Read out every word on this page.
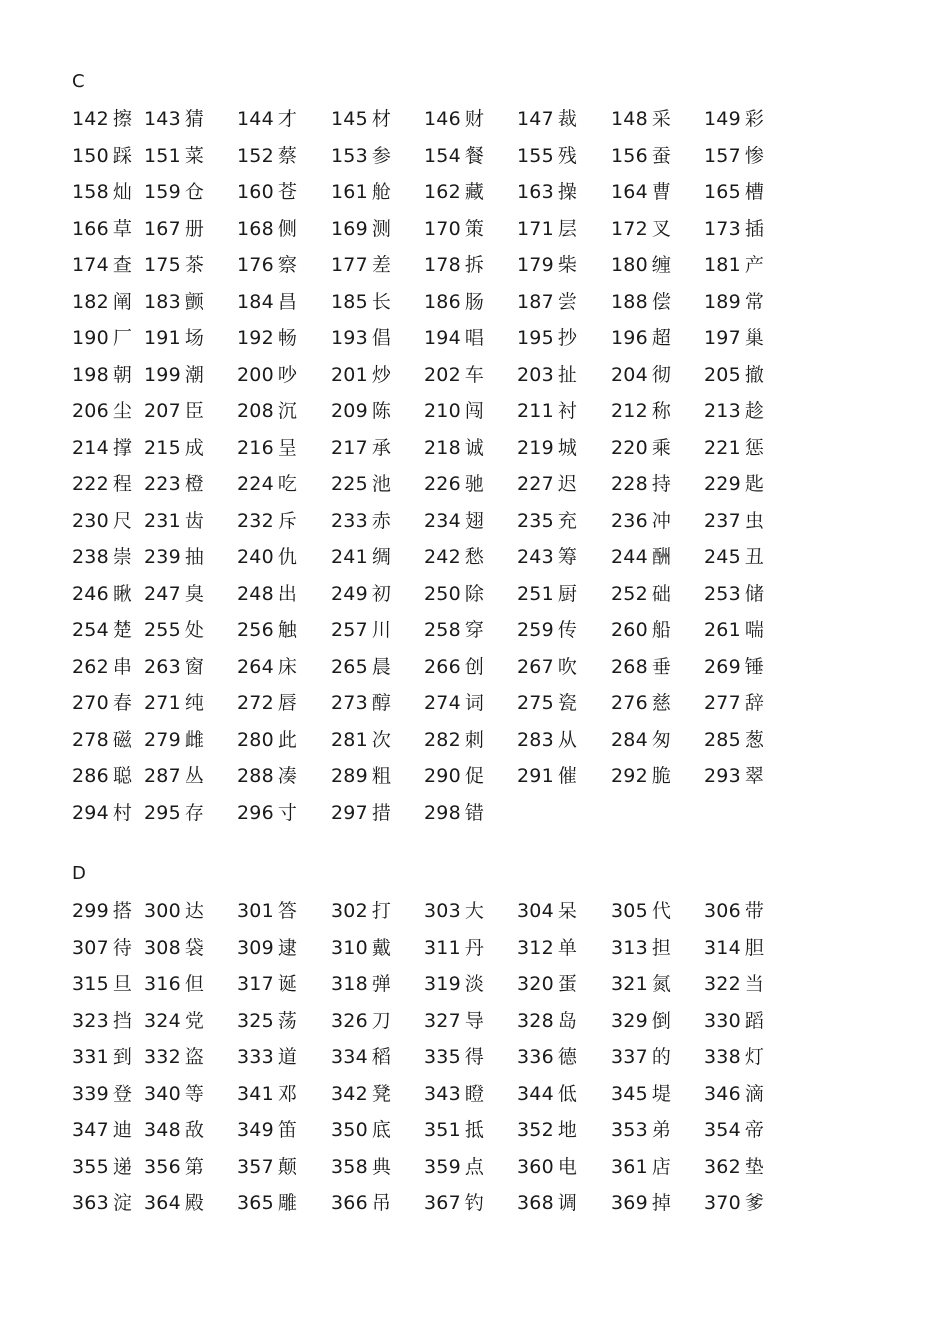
C
142 擦 143 猜 144 才 145 材 146 财 147 裁 148 采 149 彩
150 踩 151 菜 152 蔡 153 参 154 餐 155 残 156 蚕 157 惨
158 灿 159 仓 160 苍 161 舱 162 藏 163 操 164 曹 165 槽
166 草 167 册 168 侧 169 测 170 策 171 层 172 叉 173 插
174 查 175 茶 176 察 177 差 178 拆 179 柴 180 缠 181 产
182 阐 183 颤 184 昌 185 长 186 肠 187 尝 188 偿 189 常
190 厂 191 场 192 畅 193 倡 194 唱 195 抄 196 超 197 巢
198 朝 199 潮 200 吵 201 炒 202 车 203 扯 204 彻 205 撤
206 尘 207 臣 208 沉 209 陈 210 闯 211 衬 212 称 213 趁
214 撑 215 成 216 呈 217 承 218 诚 219 城 220 乘 221 惩
222 程 223 橙 224 吃 225 池 226 驰 227 迟 228 持 229 匙
230 尺 231 齿 232 斥 233 赤 234 翅 235 充 236 冲 237 虫
238 崇 239 抽 240 仇 241 绸 242 愁 243 筹 244 酬 245 丑
246 瞅 247 臭 248 出 249 初 250 除 251 厨 252 础 253 储
254 楚 255 处 256 触 257 川 258 穿 259 传 260 船 261 喘
262 串 263 窗 264 床 265 晨 266 创 267 吹 268 垂 269 锤
270 春 271 纯 272 唇 273 醇 274 词 275 瓷 276 慈 277 辞
278 磁 279 雌 280 此 281 次 282 刺 283 从 284 匆 285 葱
286 聪 287 丛 288 凑 289 粗 290 促 291 催 292 脆 293 翠
294 村 295 存 296 寸 297 措 298 错
D
299 搭 300 达 301 答 302 打 303 大 304 呆 305 代 306 带
307 待 308 袋 309 逮 310 戴 311 丹 312 单 313 担 314 胆
315 旦 316 但 317 诞 318 弹 319 淡 320 蛋 321 氮 322 当
323 挡 324 党 325 荡 326 刀 327 导 328 岛 329 倒 330 蹈
331 到 332 盗 333 道 334 稻 335 得 336 德 337 的 338 灯
339 登 340 等 341 邓 342 凳 343 瞪 344 低 345 堤 346 滴
347 迪 348 敌 349 笛 350 底 351 抵 352 地 353 弟 354 帝
355 递 356 第 357 颠 358 典 359 点 360 电 361 店 362 垫
363 淀 364 殿 365 雕 366 吊 367 钓 368 调 369 掉 370 爹
